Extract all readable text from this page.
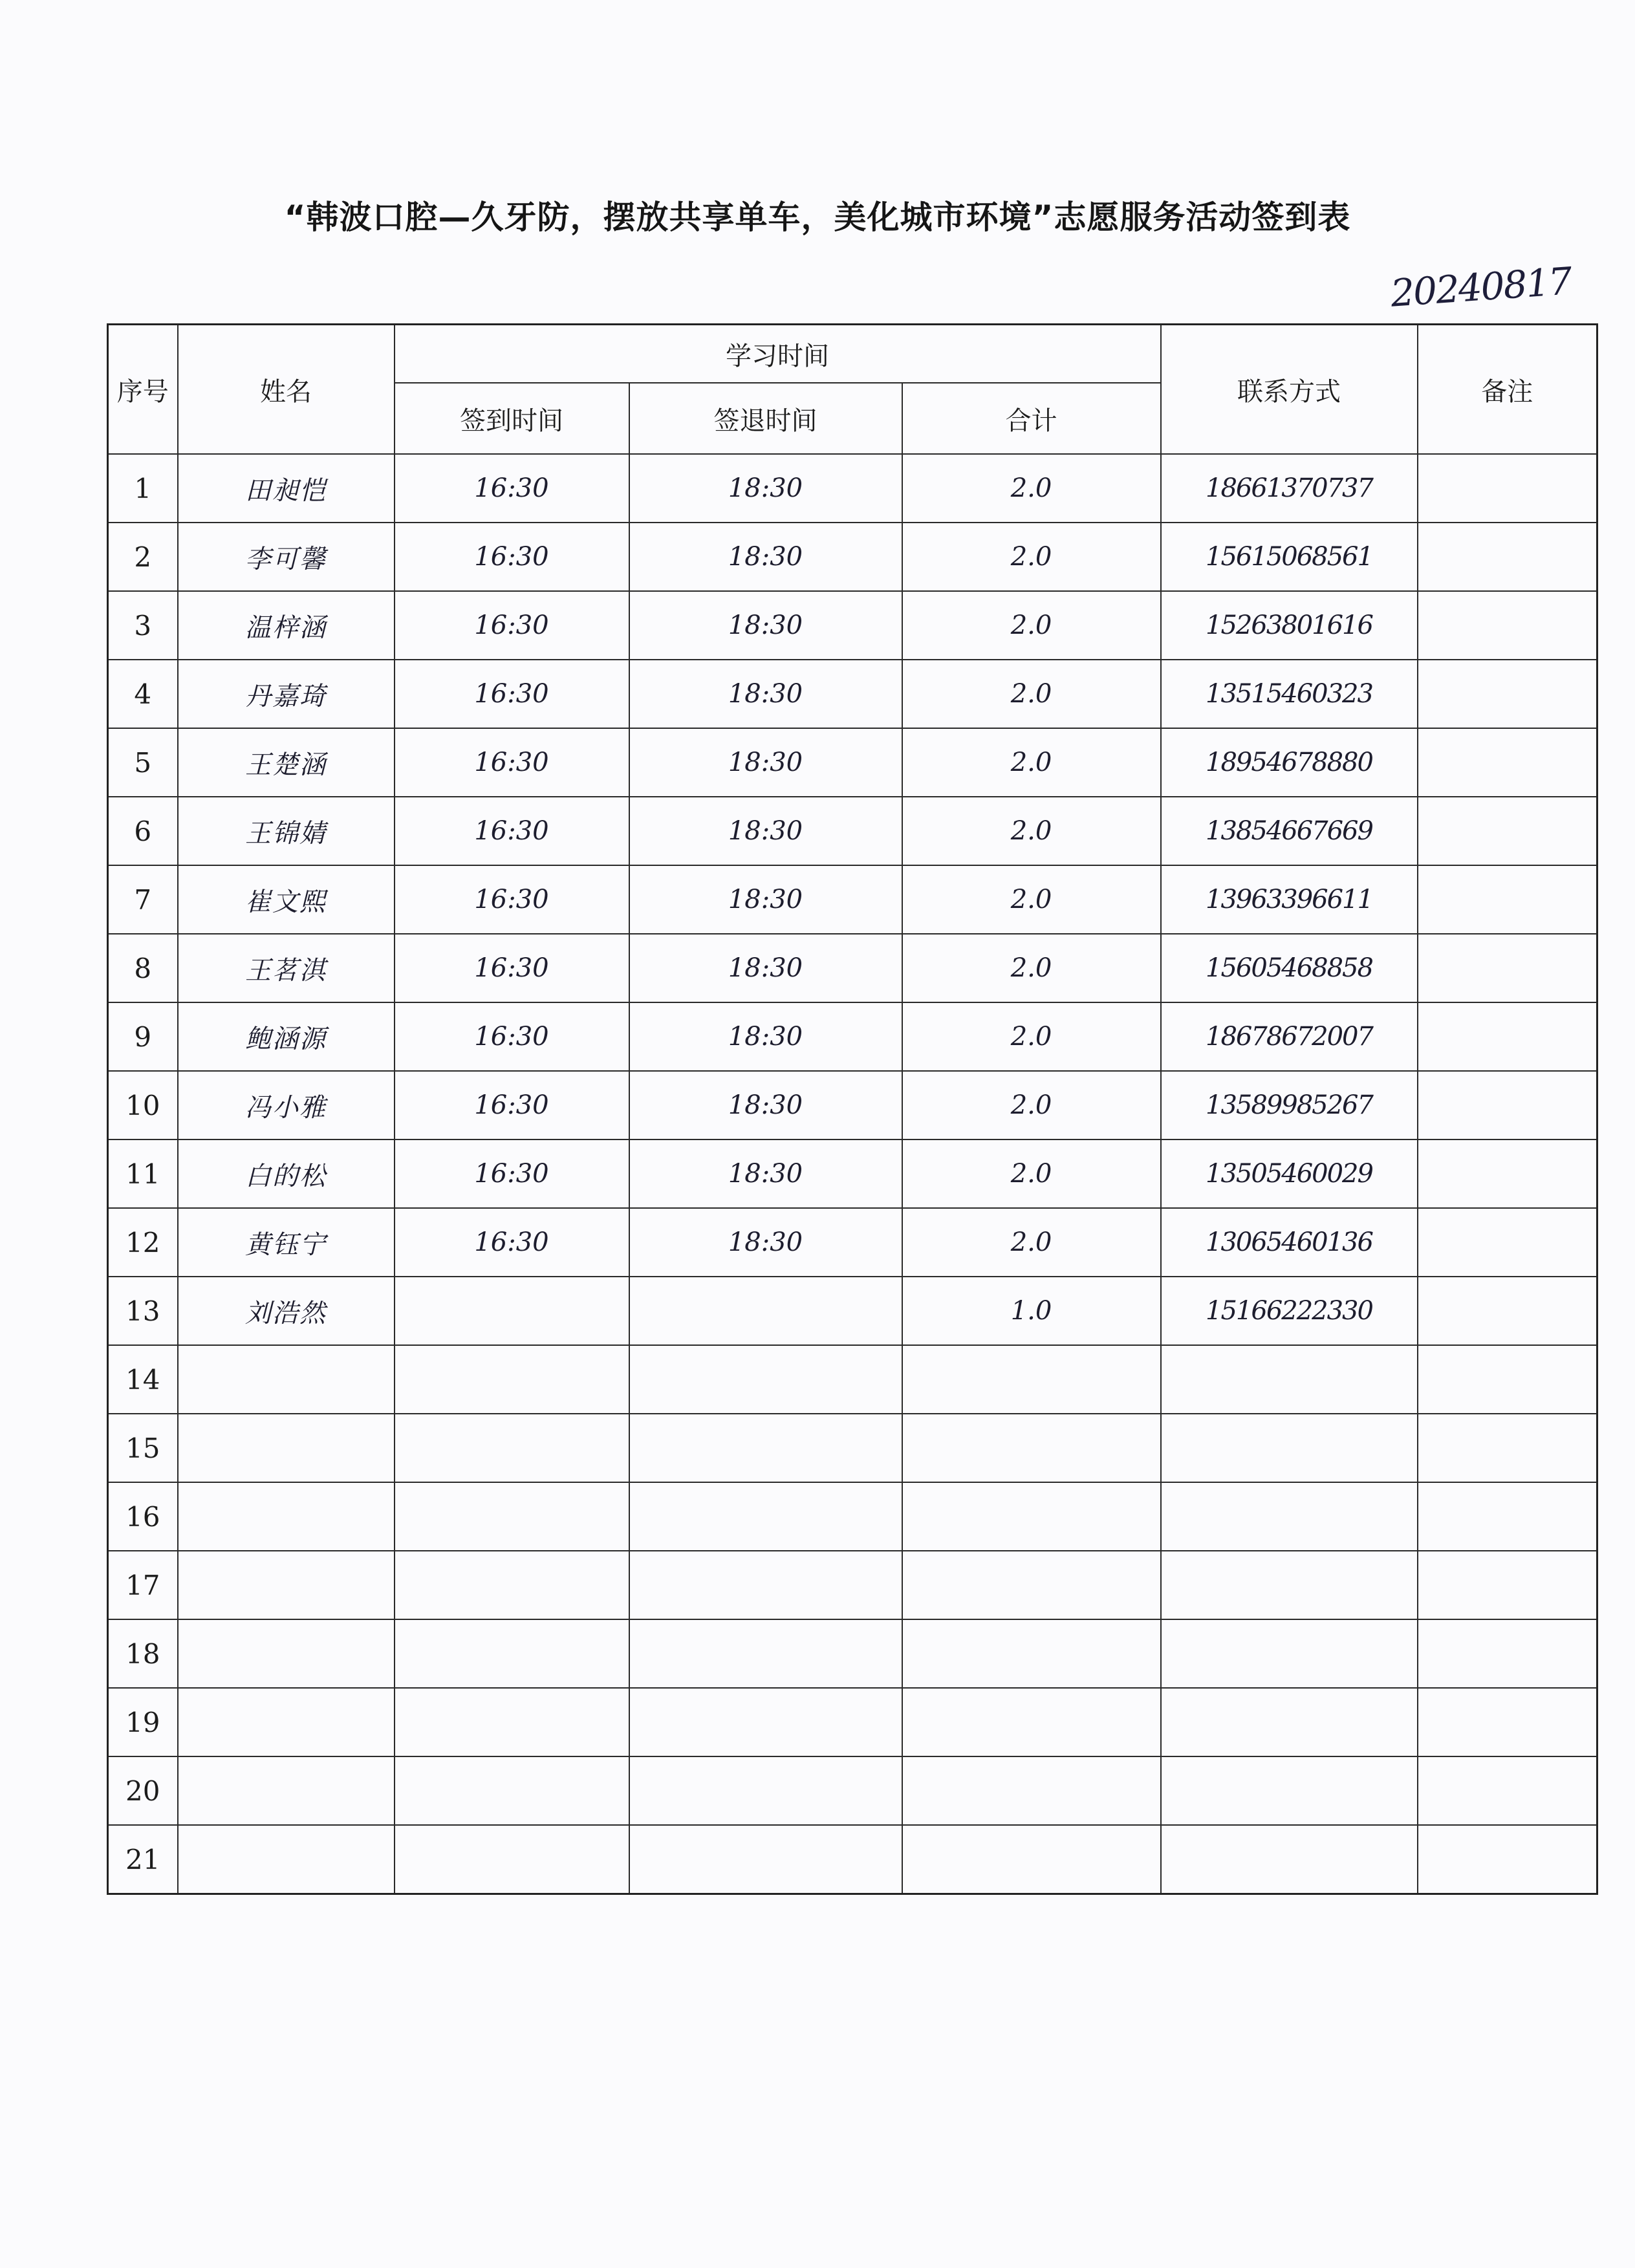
“韩波口腔—久牙防，摆放共享单车，美化城市环境”志愿服务活动签到表
20240817
序号	姓名	学习时间			联系方式	备注
		签到时间	签退时间	合计		
1	田昶恺	16:30	18:30	2.0	18661370737	
2	李可馨	16:30	18:30	2.0	15615068561	
3	温梓涵	16:30	18:30	2.0	15263801616	
4	丹嘉琦	16:30	18:30	2.0	13515460323	
5	王楚涵	16:30	18:30	2.0	18954678880	
6	王锦婧	16:30	18:30	2.0	13854667669	
7	崔文熙	16:30	18:30	2.0	13963396611	
8	王茗淇	16:30	18:30	2.0	15605468858	
9	鲍涵源	16:30	18:30	2.0	18678672007	
10	冯小雅	16:30	18:30	2.0	13589985267	
11	白的松	16:30	18:30	2.0	13505460029	
12	黄钰宁	16:30	18:30	2.0	13065460136	
13	刘浩然			1.0	15166222330	
14						
15						
16						
17						
18						
19						
20						
21						
